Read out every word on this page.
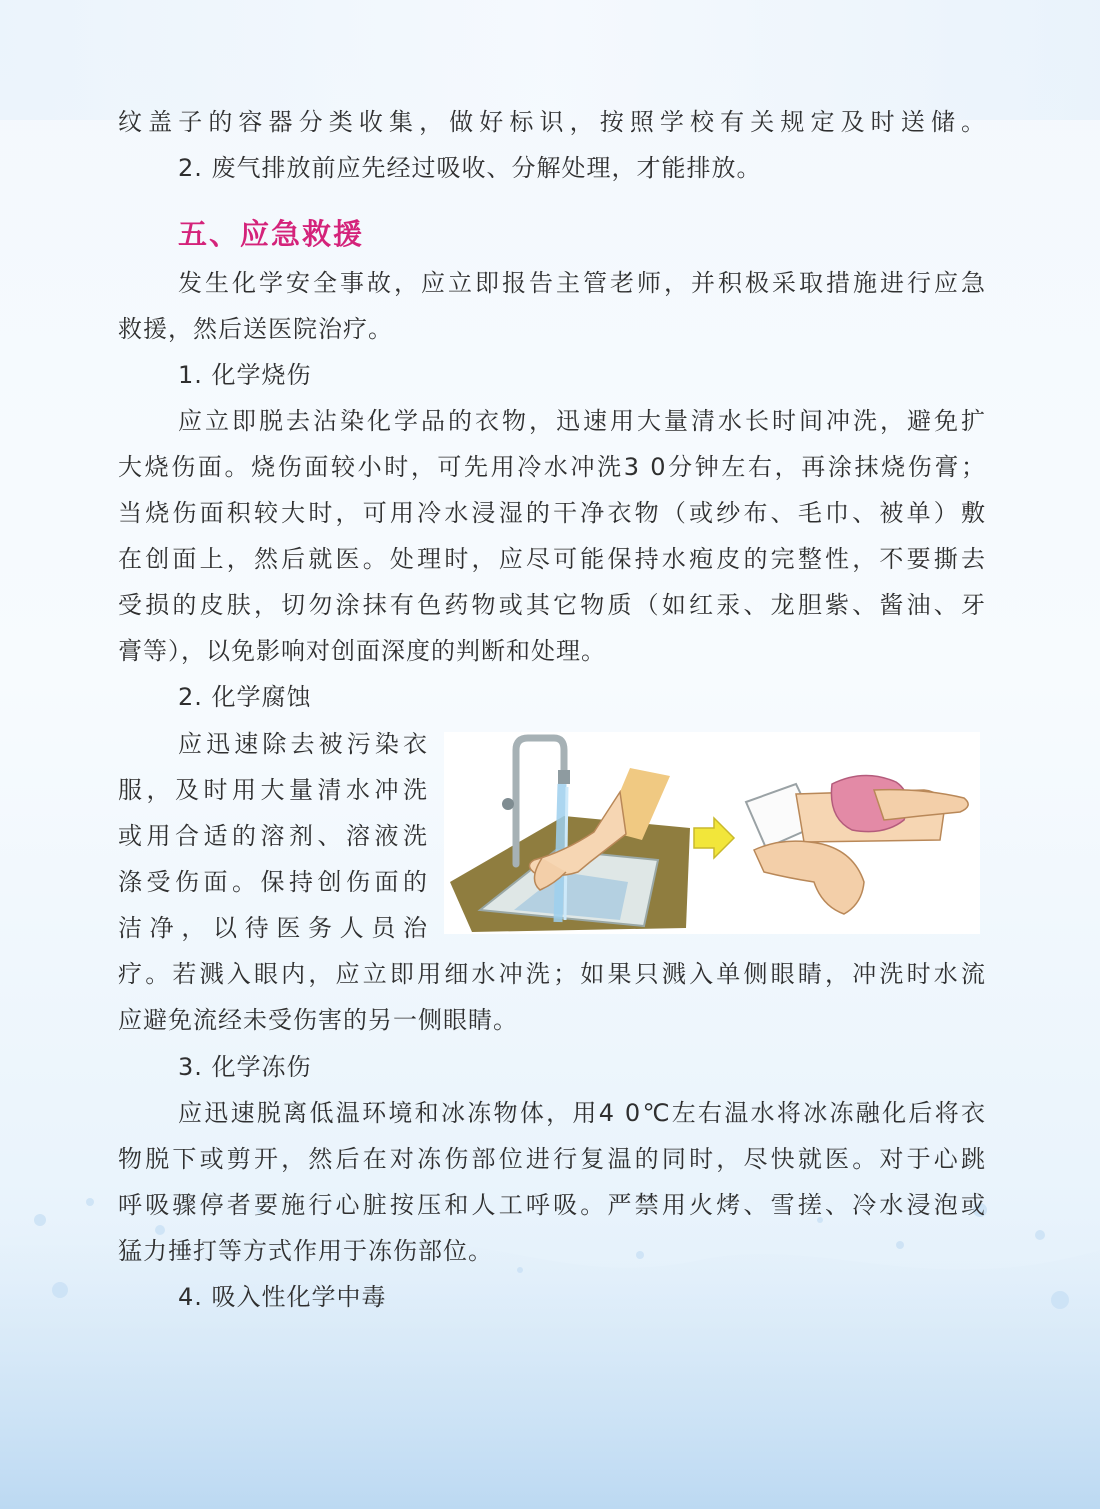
纹盖子的容器分类收集，做好标识，按照学校有关规定及时送储。
2. 废气排放前应先经过吸收、分解处理，才能排放。
五、应急救援
发生化学安全事故，应立即报告主管老师，并积极采取措施进行应急
救援，然后送医院治疗。
1. 化学烧伤
应立即脱去沾染化学品的衣物，迅速用大量清水长时间冲洗，避免扩
大烧伤面。烧伤面较小时，可先用冷水冲洗3 0分钟左右，再涂抹烧伤膏；
当烧伤面积较大时，可用冷水浸湿的干净衣物（或纱布、毛巾、被单）敷
在创面上，然后就医。处理时，应尽可能保持水疱皮的完整性，不要撕去
受损的皮肤，切勿涂抹有色药物或其它物质（如红汞、龙胆紫、酱油、牙
膏等），以免影响对创面深度的判断和处理。
2. 化学腐蚀
应迅速除去被污染衣
服，及时用大量清水冲洗
或用合适的溶剂、溶液洗
涤受伤面。保持创伤面的
洁净，以待医务人员治
疗。若溅入眼内，应立即用细水冲洗；如果只溅入单侧眼睛，冲洗时水流
应避免流经未受伤害的另一侧眼睛。
3. 化学冻伤
应迅速脱离低温环境和冰冻物体，用4 0℃左右温水将冰冻融化后将衣
物脱下或剪开，然后在对冻伤部位进行复温的同时，尽快就医。对于心跳
呼吸骤停者要施行心脏按压和人工呼吸。严禁用火烤、雪搓、冷水浸泡或
猛力捶打等方式作用于冻伤部位。
4. 吸入性化学中毒
